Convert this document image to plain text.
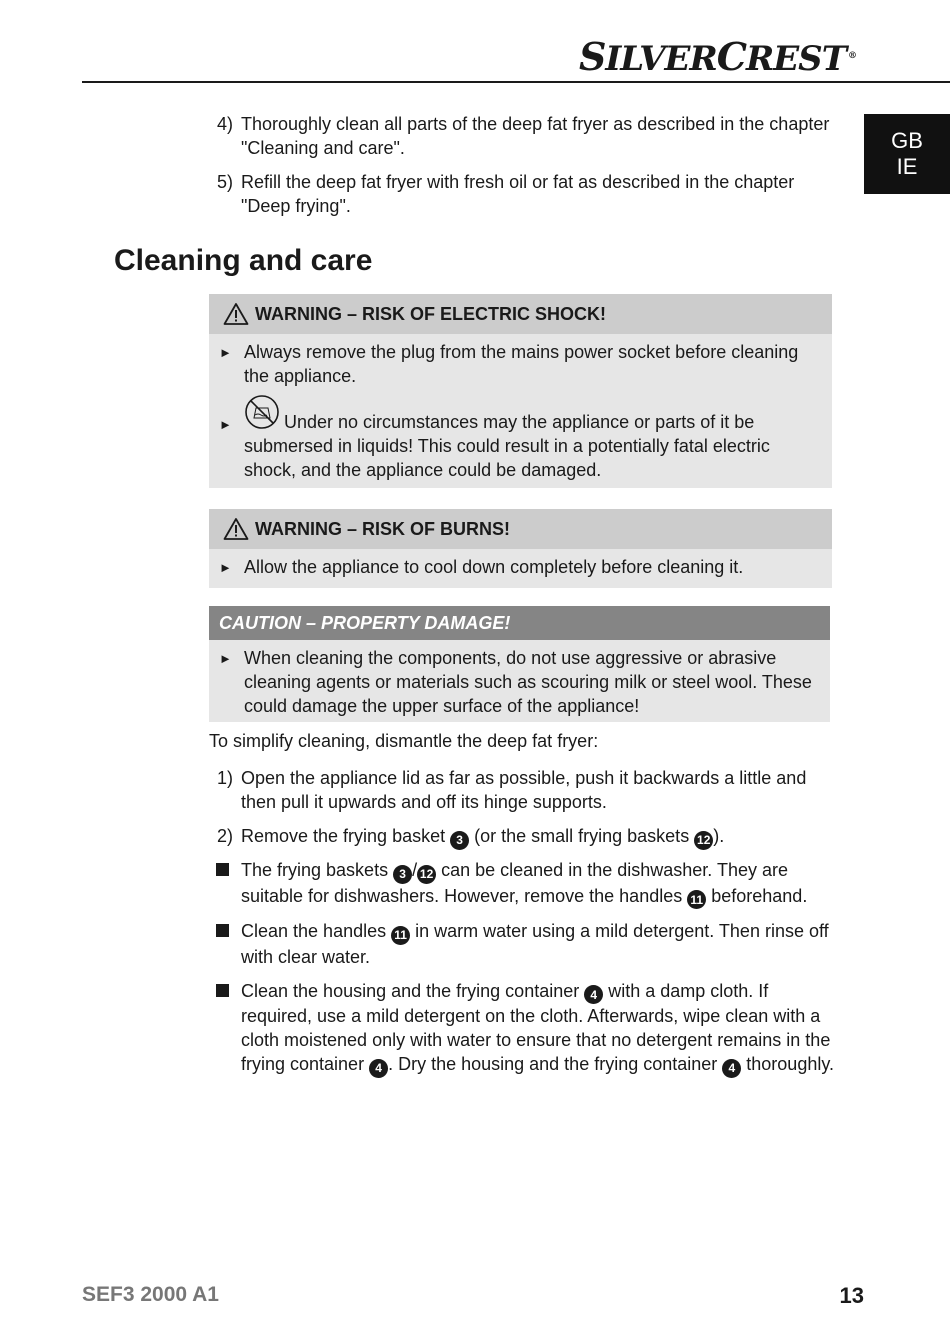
SILVERCREST ®
GB
IE
4) Thoroughly clean all parts of the deep fat fryer as described in the chapter "Cleaning and care".
5) Refill the deep fat fryer with fresh oil or fat as described in the chapter "Deep frying".
Cleaning and care
WARNING – RISK OF ELECTRIC SHOCK!
► Always remove the plug from the mains power socket before cleaning the appliance.
►	Under no circumstances may the appliance or parts of it be submersed in liquids! This could result in a potentially fatal electric shock, and the appliance could be damaged.
WARNING – RISK OF BURNS!
► Allow the appliance to cool down completely before cleaning it.
CAUTION – PROPERTY DAMAGE!
► When cleaning the components, do not use aggressive or abrasive cleaning agents or materials such as scouring milk or steel wool. These could damage the upper surface of the appliance!
To simplify cleaning, dismantle the deep fat fryer:
1) Open the appliance lid as far as possible, push it backwards a little and then pull it upwards and off its hinge supports.
2) Remove the frying basket 3 (or the small frying baskets 12 ).
The frying baskets 3 / 12 can be cleaned in the dishwasher. They are suitable for dishwashers. However, remove the handles 11 beforehand.
Clean the handles 11 in warm water using a mild detergent. Then rinse off with clear water.
Clean the housing and the frying container 4 with a damp cloth. If required, use a mild detergent on the cloth. Afterwards, wipe clean with a cloth moistened only with water to ensure that no detergent remains in the frying container 4 . Dry the housing and the frying container 4 thoroughly.
SEF3 2000 A1	13
